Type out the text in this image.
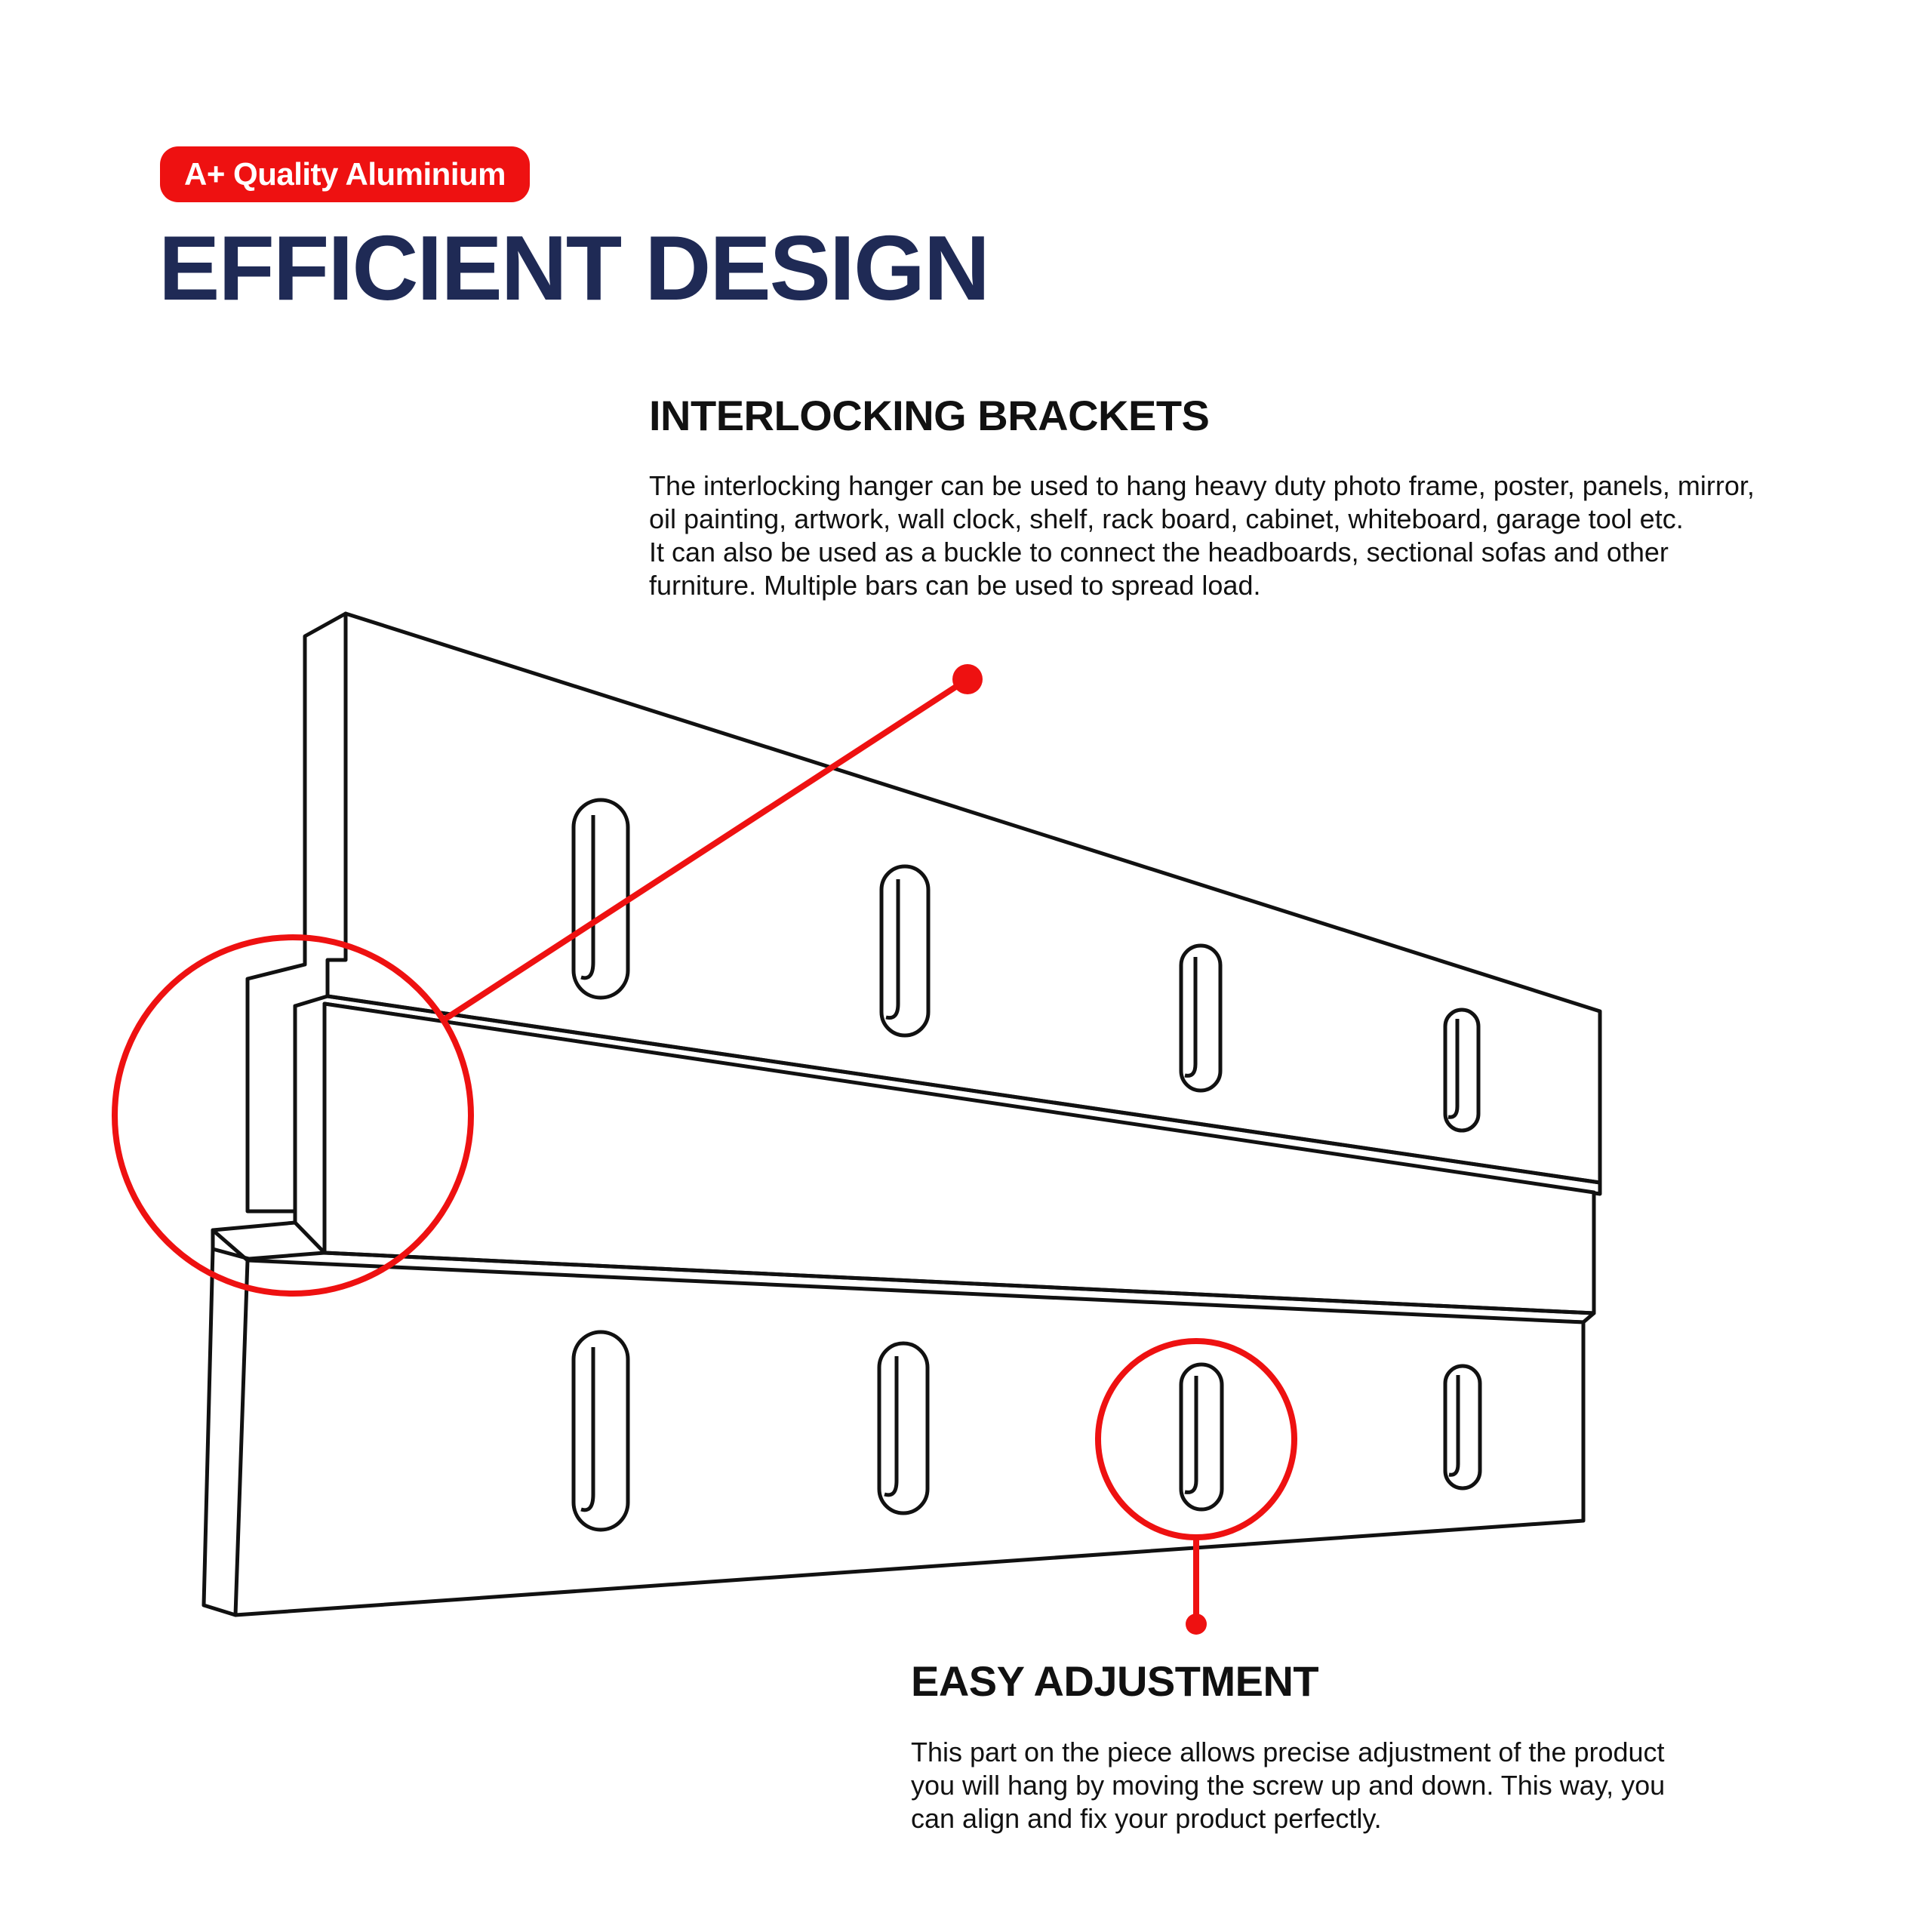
A+ Quality Aluminium
EFFICIENT DESIGN
INTERLOCKING BRACKETS

The interlocking hanger can be used to hang heavy duty photo frame, poster, panels, mirror,
oil painting, artwork, wall clock, shelf, rack board, cabinet, whiteboard, garage tool etc.
It can also be used as a buckle to connect the headboards, sectional sofas and other
furniture. Multiple bars can be used to spread load.

EASY ADJUSTMENT

This part on the piece allows precise adjustment of the product
you will hang by moving the screw up and down. This way, you
can align and fix your product perfectly.
